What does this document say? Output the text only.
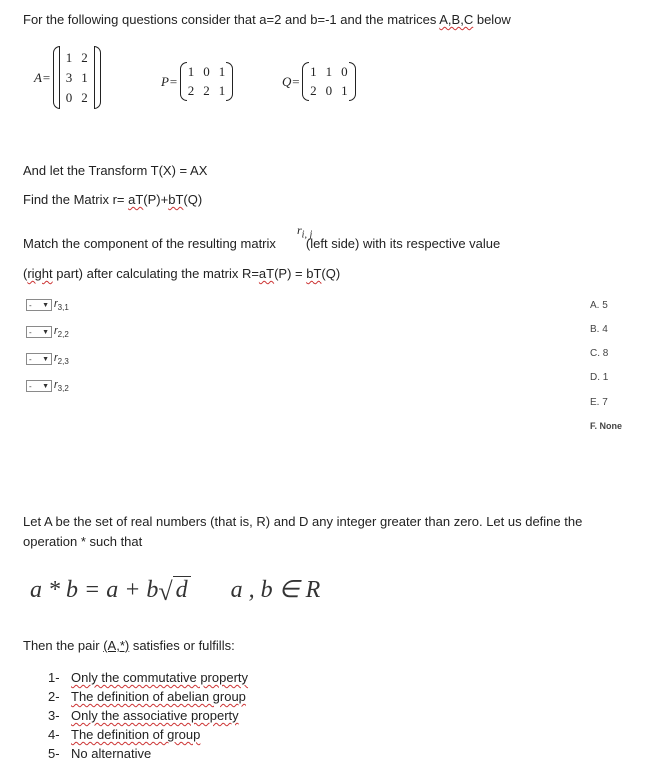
For the following questions consider that a=2 and b=-1 and the matrices A,B,C below
A=
1 2
3 1
0 2
P=
1 0 1
2 2 1
Q=
1 1 0
2 0 1
And let the Transform T(X) = AX
Find the Matrix r= aT(P)+bT(Q)
$r_{i, j}$
Match the component of the resulting matrix (left side) with its respective value
(right part) after calculating the matrix R=aT(P) = bT(Q)
- ▼ $r_{3,1}$
- ▼ $r_{2,2}$
- ▼ $r_{2,3}$
- ▼ $r_{3,2}$
A. 5
B. 4
C. 8
D. 1
E. 7
F. None
Let A be the set of real numbers (that is, R) and D any integer greater than zero. Let us define the
operation * such that
a * b = a + b√ d a , b ∈ R
Then the pair (A,*) satisfies or fulfills:
1- Only the commutative property
2- The definition of abelian group
3- Only the associative property
4- The definition of group
5- No alternative
